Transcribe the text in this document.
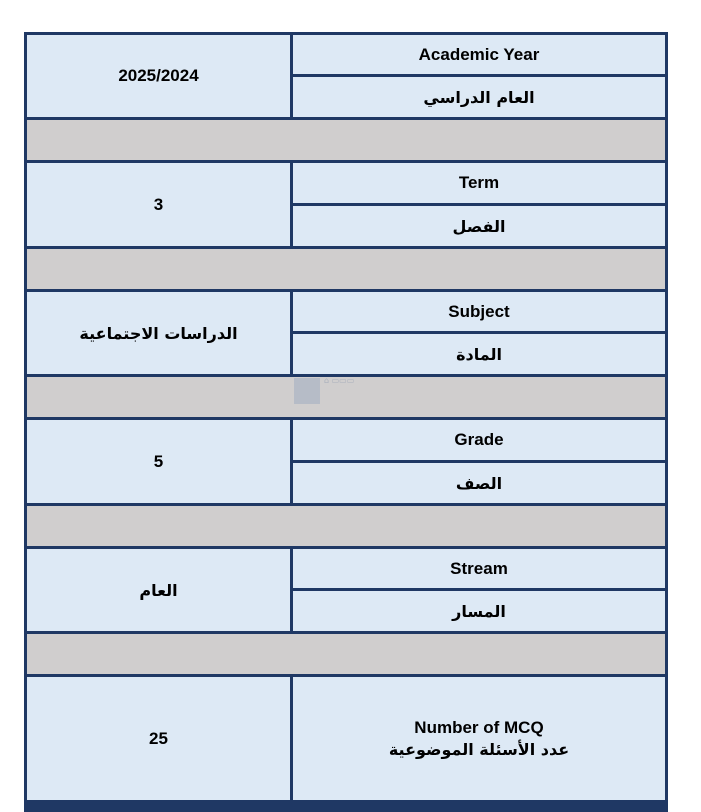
2025/2024
Academic Year
العام الدراسي
3
Term
الفصل
الدراسات الاجتماعية
Subject
المادة
5
Grade
الصف
العام
Stream
المسار
25
Number of MCQ
عدد الأسئلة الموضوعية
⌂ ▭▭▭
